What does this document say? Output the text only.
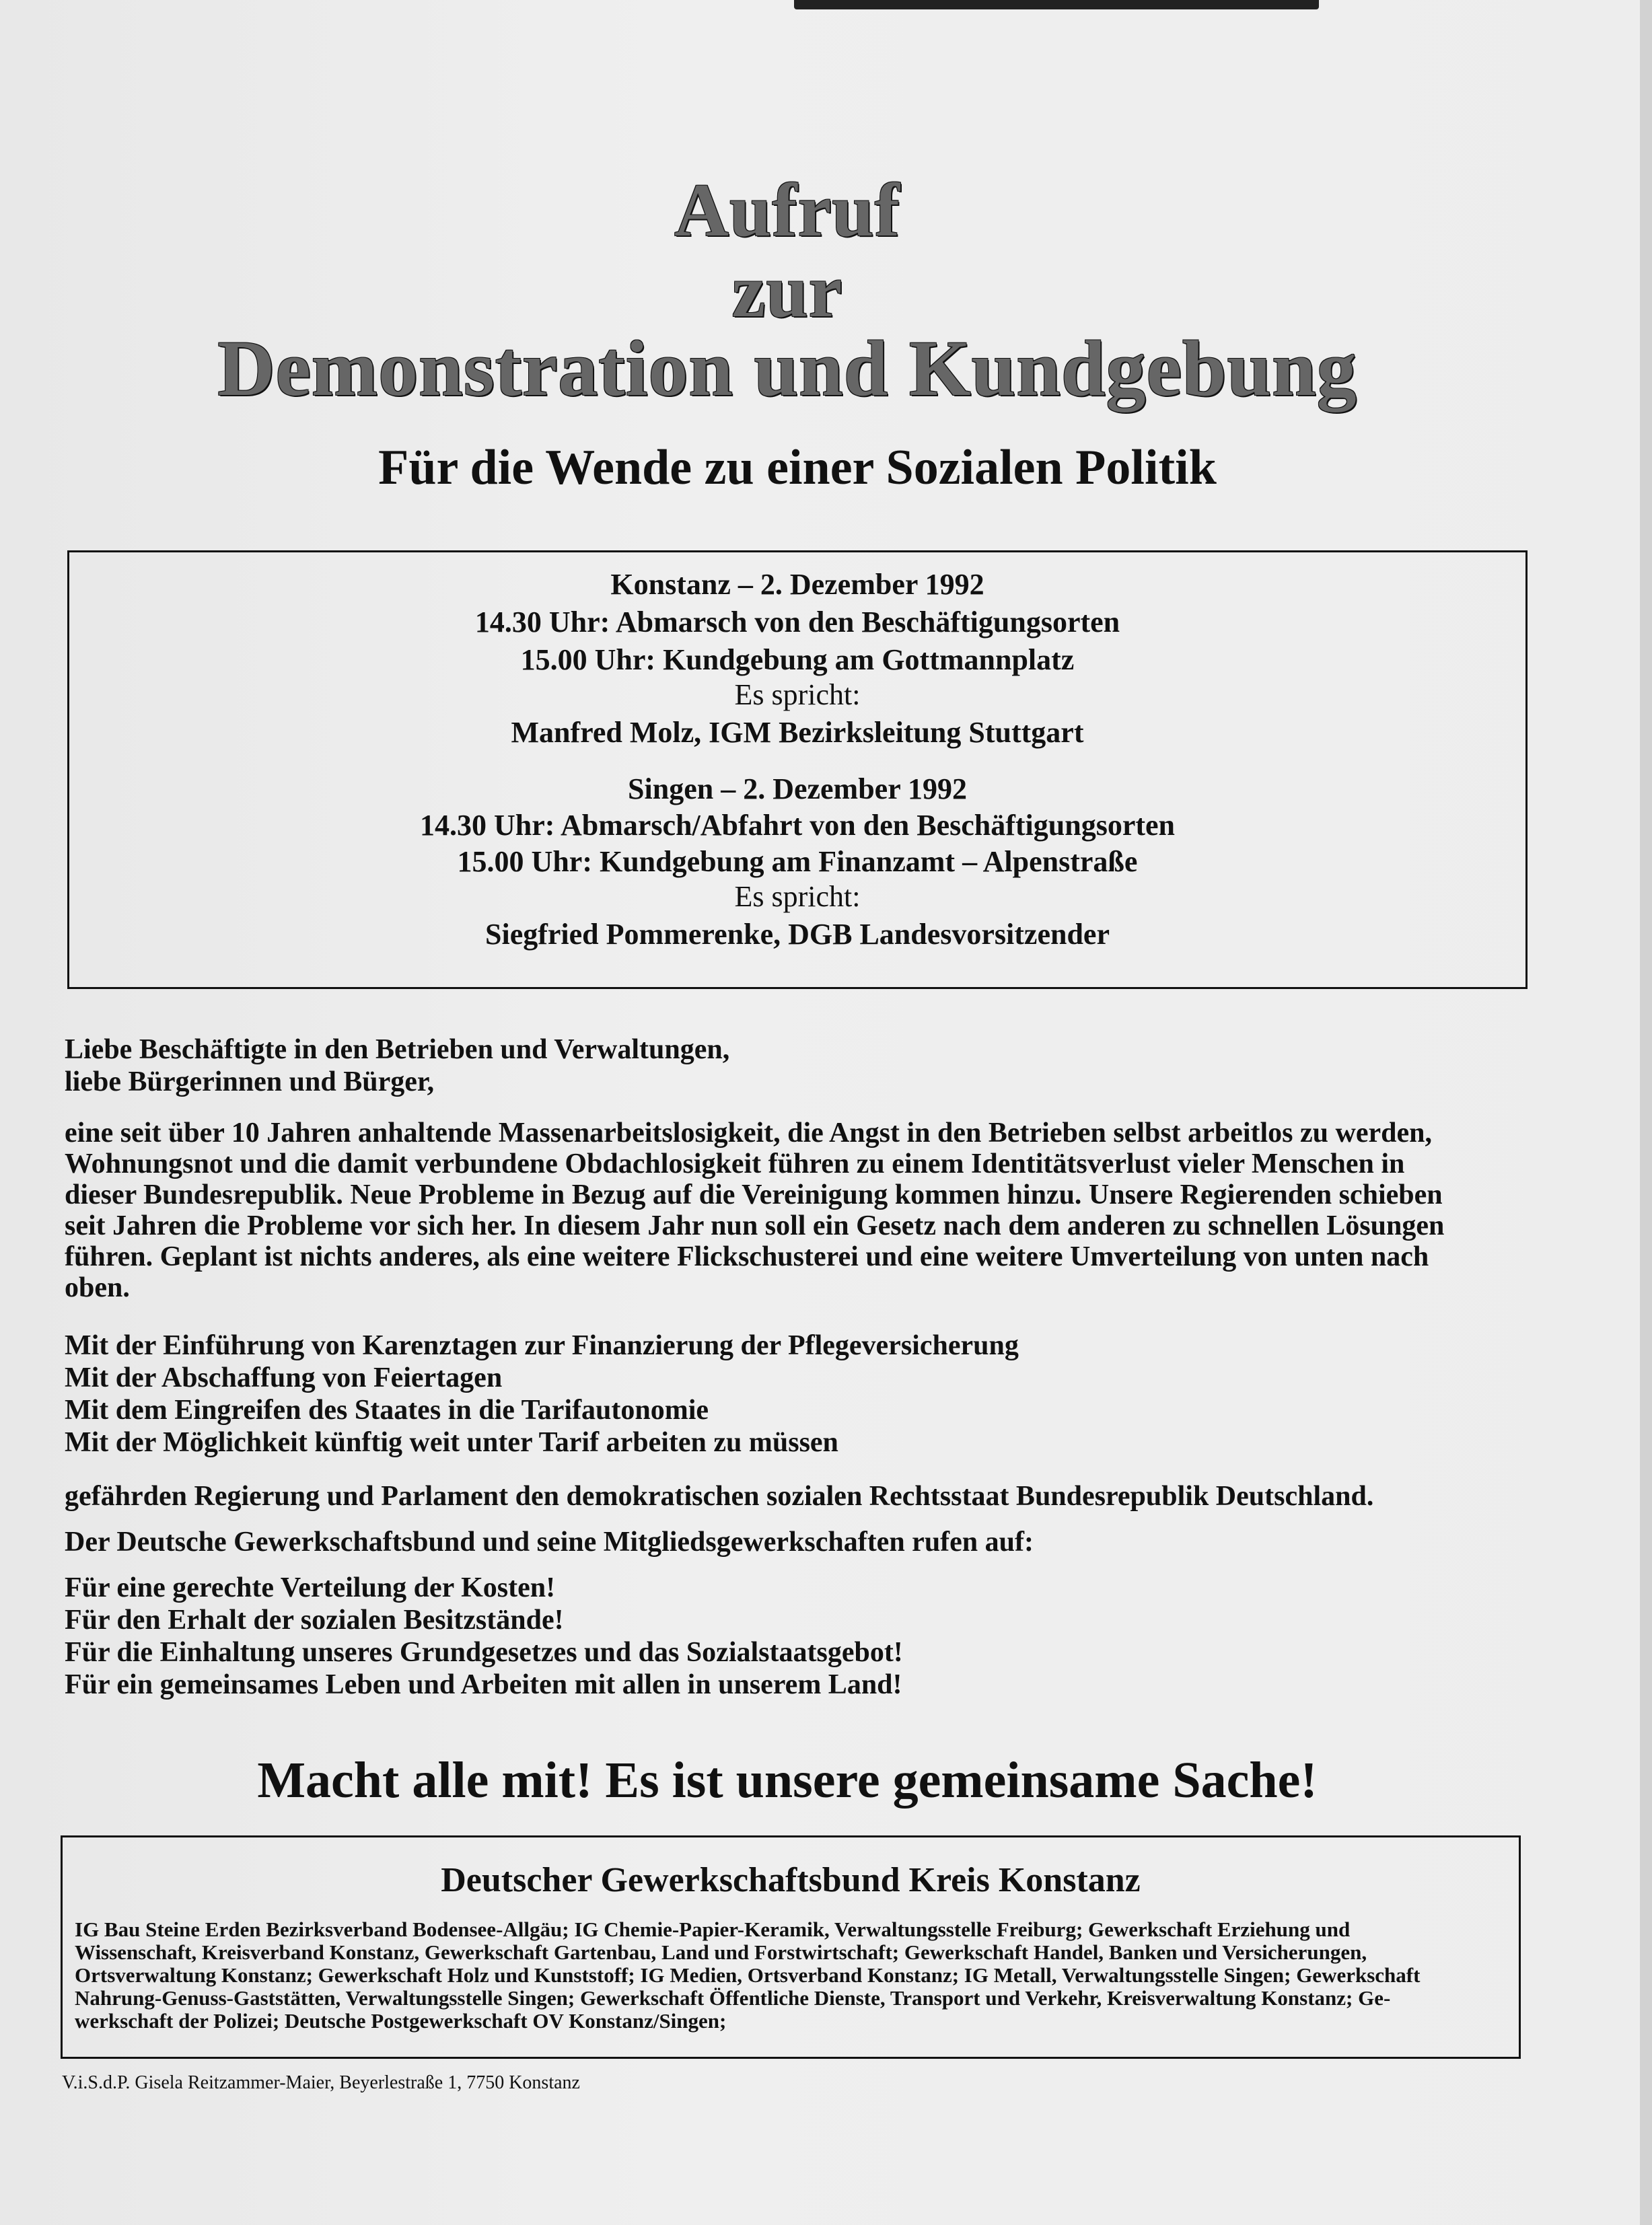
Aufruf
zur
Demonstration und Kundgebung
Für die Wende zu einer Sozialen Politik
Konstanz – 2. Dezember 1992
14.30 Uhr: Abmarsch von den Beschäftigungsorten
15.00 Uhr: Kundgebung am Gottmannplatz
Es spricht:
Manfred Molz, IGM Bezirksleitung Stuttgart
Singen – 2. Dezember 1992
14.30 Uhr: Abmarsch/Abfahrt von den Beschäftigungsorten
15.00 Uhr: Kundgebung am Finanzamt – Alpenstraße
Es spricht:
Siegfried Pommerenke, DGB Landesvorsitzender
Liebe Beschäftigte in den Betrieben und Verwaltungen,
liebe Bürgerinnen und Bürger,
eine seit über 10 Jahren anhaltende Massenarbeitslosigkeit, die Angst in den Betrieben selbst arbeitlos zu werden,
Wohnungsnot und die damit verbundene Obdachlosigkeit führen zu einem Identitätsverlust vieler Menschen in
dieser Bundesrepublik. Neue Probleme in Bezug auf die Vereinigung kommen hinzu. Unsere Regierenden schieben
seit Jahren die Probleme vor sich her. In diesem Jahr nun soll ein Gesetz nach dem anderen zu schnellen Lösungen
führen. Geplant ist nichts anderes, als eine weitere Flickschusterei und eine weitere Umverteilung von unten nach
oben.
Mit der Einführung von Karenztagen zur Finanzierung der Pflegeversicherung
Mit der Abschaffung von Feiertagen
Mit dem Eingreifen des Staates in die Tarifautonomie
Mit der Möglichkeit künftig weit unter Tarif arbeiten zu müssen
gefährden Regierung und Parlament den demokratischen sozialen Rechtsstaat Bundesrepublik Deutschland.
Der Deutsche Gewerkschaftsbund und seine Mitgliedsgewerkschaften rufen auf:
Für eine gerechte Verteilung der Kosten!
Für den Erhalt der sozialen Besitzstände!
Für die Einhaltung unseres Grundgesetzes und das Sozialstaatsgebot!
Für ein gemeinsames Leben und Arbeiten mit allen in unserem Land!
Macht alle mit! Es ist unsere gemeinsame Sache!
Deutscher Gewerkschaftsbund Kreis Konstanz
IG Bau Steine Erden Bezirksverband Bodensee-Allgäu; IG Chemie-Papier-Keramik, Verwaltungsstelle Freiburg; Gewerkschaft Erziehung und
Wissenschaft, Kreisverband Konstanz, Gewerkschaft Gartenbau, Land und Forstwirtschaft; Gewerkschaft Handel, Banken und Versicherungen,
Ortsverwaltung Konstanz; Gewerkschaft Holz und Kunststoff; IG Medien, Ortsverband Konstanz; IG Metall, Verwaltungsstelle Singen; Gewerkschaft
Nahrung-Genuss-Gaststätten, Verwaltungsstelle Singen; Gewerkschaft Öffentliche Dienste, Transport und Verkehr, Kreisverwaltung Konstanz; Ge-
werkschaft der Polizei; Deutsche Postgewerkschaft OV Konstanz/Singen;
V.i.S.d.P. Gisela Reitzammer-Maier, Beyerlestraße 1, 7750 Konstanz
